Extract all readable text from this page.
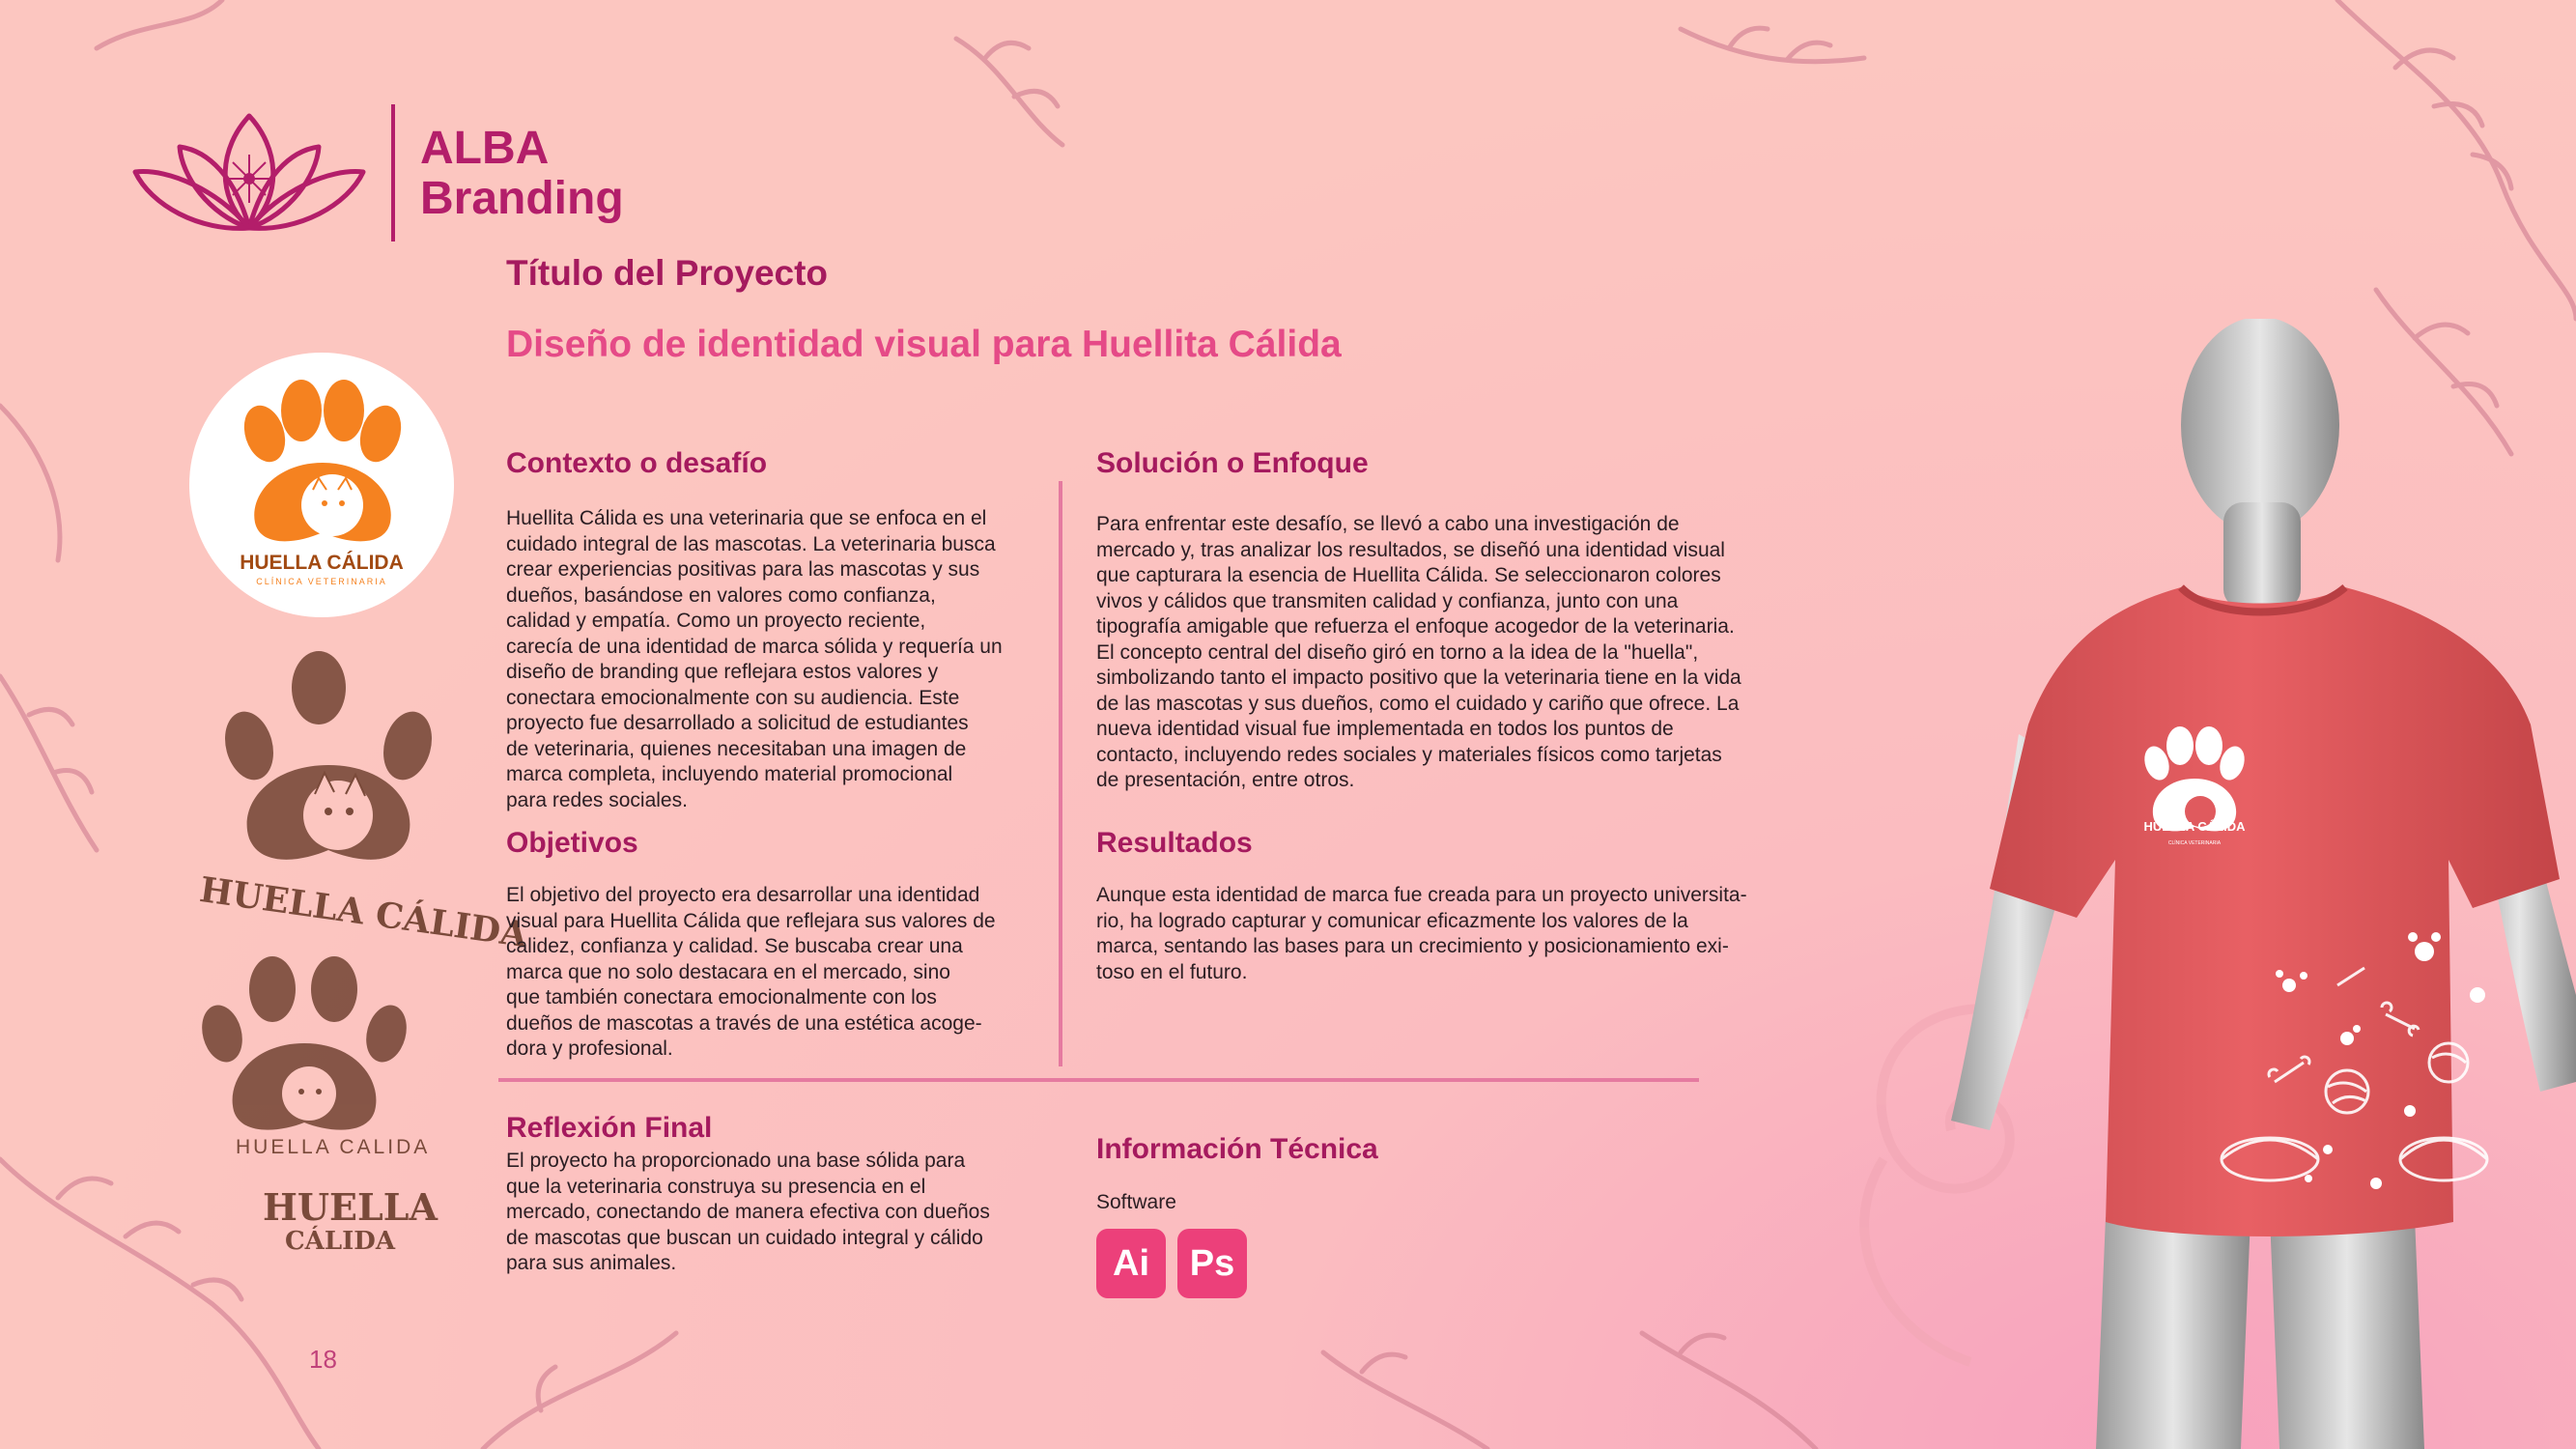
ALBA
Branding
Título del Proyecto
Diseño de identidad visual para Huellita Cálida
HUELLA CÁLIDA
CLÍNICA VETERINARIA
HUELLA CÁLIDA
HUELLA CALIDA
HUELLA
CÁLIDA
Contexto o desafío
Huellita Cálida es una veterinaria que se enfoca en el
cuidado integral de las mascotas. La veterinaria busca
crear experiencias positivas para las mascotas y sus
dueños, basándose en valores como confianza,
calidad y empatía. Como un proyecto reciente,
carecía de una identidad de marca sólida y requería un
diseño de branding que reflejara estos valores y
conectara emocionalmente con su audiencia. Este
proyecto fue desarrollado a solicitud de estudiantes
de veterinaria, quienes necesitaban una imagen de
marca completa, incluyendo material promocional
para redes sociales.
Solución o Enfoque
Para enfrentar este desafío, se llevó a cabo una investigación de
mercado y, tras analizar los resultados, se diseñó una identidad visual
que capturara la esencia de Huellita Cálida. Se seleccionaron colores
vivos y cálidos que transmiten calidad y confianza, junto con una
tipografía amigable que refuerza el enfoque acogedor de la veterinaria.
El concepto central del diseño giró en torno a la idea de la "huella",
simbolizando tanto el impacto positivo que la veterinaria tiene en la vida
de las mascotas y sus dueños, como el cuidado y cariño que ofrece. La
nueva identidad visual fue implementada en todos los puntos de
contacto, incluyendo redes sociales y materiales físicos como tarjetas
de presentación, entre otros.
Objetivos
El objetivo del proyecto era desarrollar una identidad
visual para Huellita Cálida que reflejara sus valores de
calidez, confianza y calidad. Se buscaba crear una
marca que no solo destacara en el mercado, sino
que también conectara emocionalmente con los
dueños de mascotas a través de una estética acoge-
dora y profesional.
Resultados
Aunque esta identidad de marca fue creada para un proyecto universita-
rio, ha logrado capturar y comunicar eficazmente los valores de la
marca, sentando las bases para un crecimiento y posicionamiento exi-
toso en el futuro.
Reflexión Final
El proyecto ha proporcionado una base sólida para
que la veterinaria construya su presencia en el
mercado, conectando de manera efectiva con dueños
de mascotas que buscan un cuidado integral y cálido
para sus animales.
Información Técnica
Software
Ai	Ps
HUELLA CÁLIDA
CLÍNICA VETERINARIA
18
